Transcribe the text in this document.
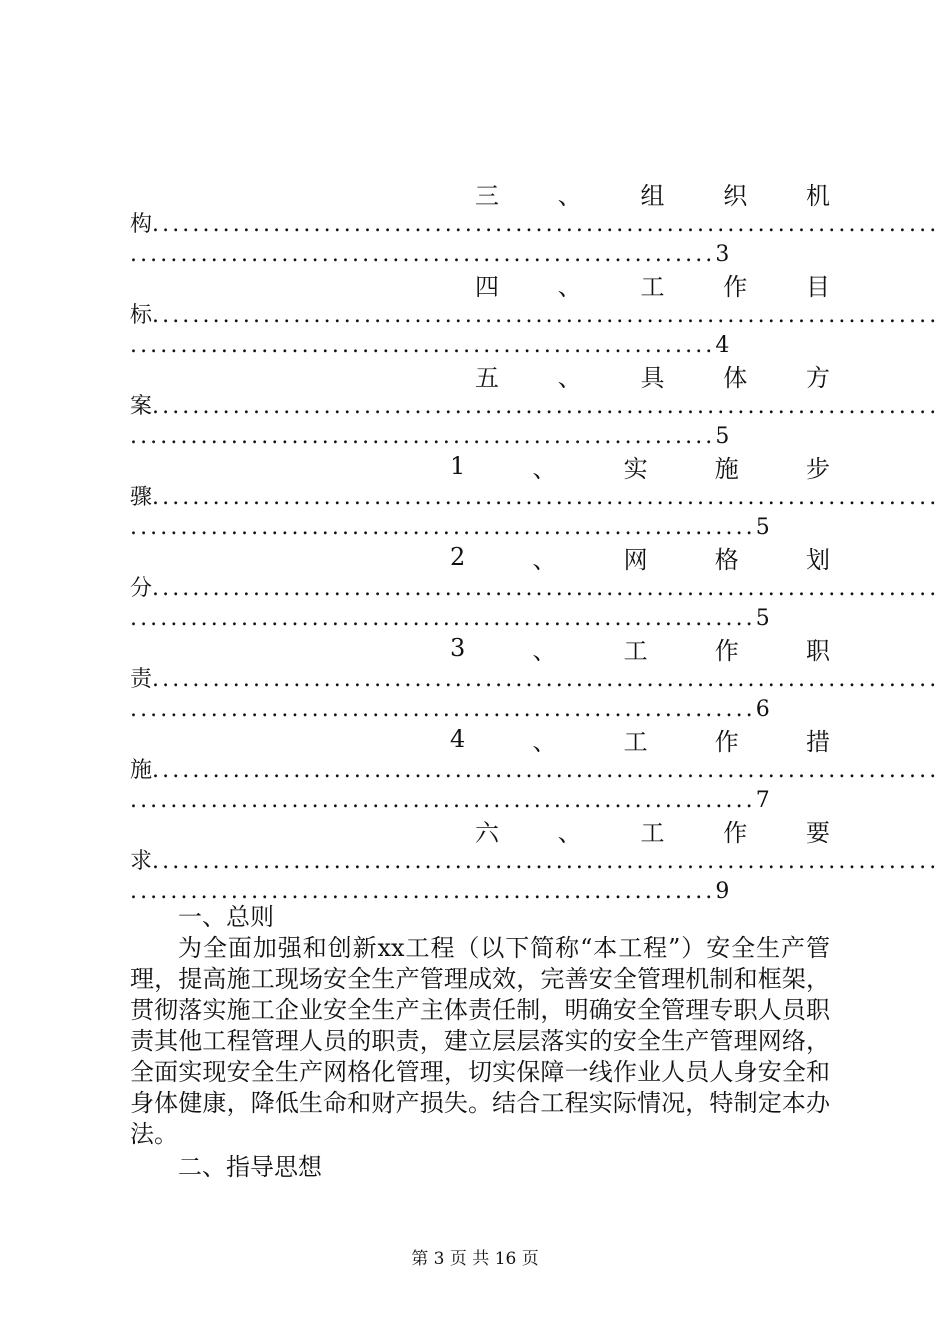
三 、 组 织 机
构..............................................................................
..........................................................3
四 、 工 作 目
标..............................................................................
..........................................................4
五 、 具 体 方
案..............................................................................
..........................................................5
1	、	实	施	步
骤..............................................................................
..............................................................5
2	、	网	格	划
分..............................................................................
..............................................................5
3	、	工	作	职
责..............................................................................
..............................................................6
4	、	工	作	措
施..............................................................................
..............................................................7
六 、 工 作 要
求..............................................................................
..........................................................9
一、总则
为全面加强和创新xx工程（以下简称“本工程”）安全生产管理，提高施工现场安全生产管理成效，完善安全管理机制和框架，贯彻落实施工企业安全生产主体责任制，明确安全管理专职人员职责其他工程管理人员的职责，建立层层落实的安全生产管理网络，全面实现安全生产网格化管理，切实保障一线作业人员人身安全和身体健康，降低生命和财产损失。结合工程实际情况，特制定本办法。
二、指导思想
第 3 页 共 16 页
